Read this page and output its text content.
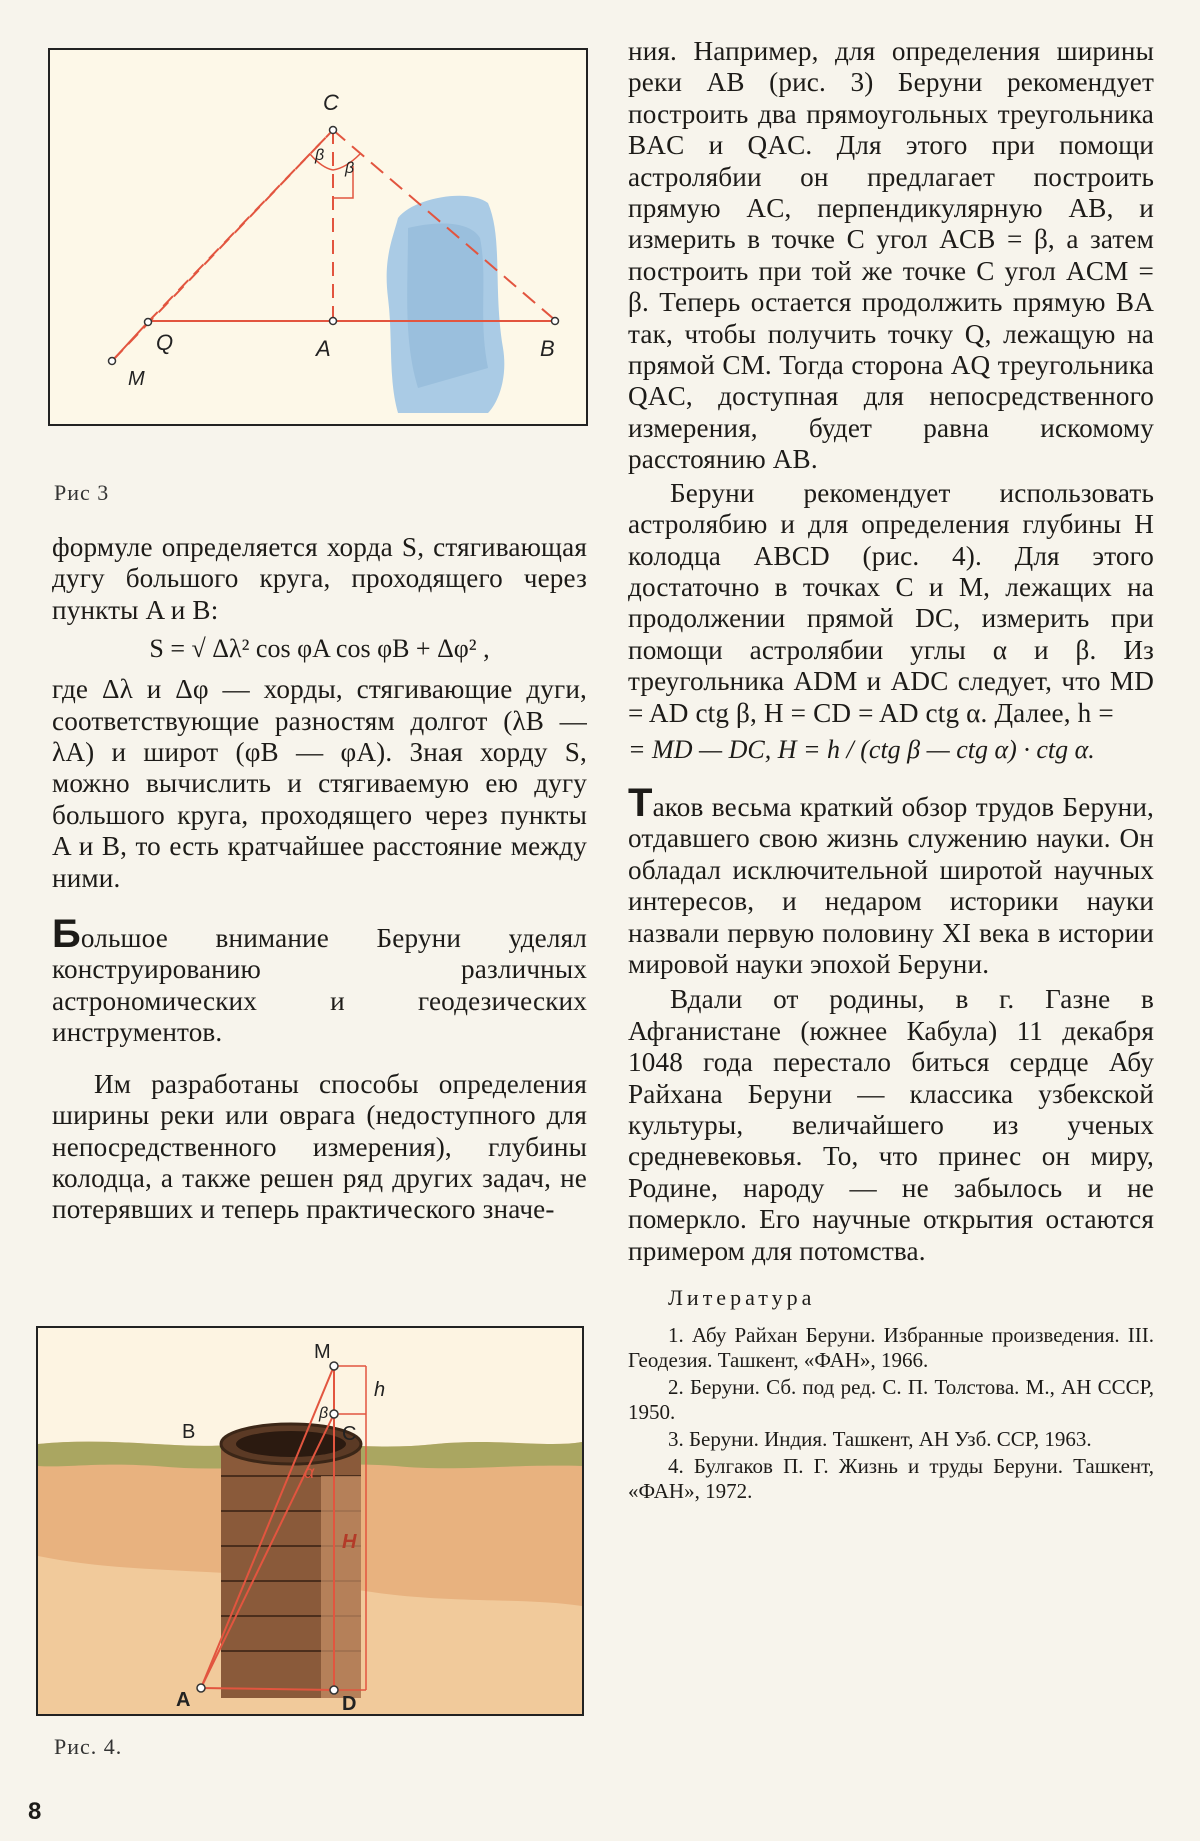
C
β
β
Q	A	B
M
Рис 3

формуле определяется хорда S, стягивающая дугу большого круга, проходящего через пункты A и B:

S = √ Δλ² cos φA cos φB + Δφ² ,

где Δλ и Δφ — хорды, стягивающие дуги, соответствующие разностям долгот (λB — λA) и широт (φB — φA). Зная хорду S, можно вычислить и стягиваемую ею дугу большого круга, проходящего через пункты A и B, то есть кратчайшее расстояние между ними.

Большое внимание Беруни уделял конструированию различных астрономических и геодезических инструментов.

Им разработаны способы определения ширины реки или оврага (недоступного для непосредственного измерения), глубины колодца, а также решен ряд других задач, не потерявших и теперь практического значе-

M
h
β
C
B
α
H
A	D
Рис. 4.

ния. Например, для определения ширины реки AB (рис. 3) Беруни рекомендует построить два прямоугольных треугольника BAC и QAC. Для этого при помощи астролябии он предлагает построить прямую AC, перпендикулярную AB, и измерить в точке C угол ACB = β, а затем построить при той же точке C угол ACM = β. Теперь остается продолжить прямую BA так, чтобы получить точку Q, лежащую на прямой CM. Тогда сторона AQ треугольника QAC, доступная для непосредственного измерения, будет равна искомому расстоянию AB.

Беруни рекомендует использовать астролябию и для определения глубины H колодца ABCD (рис. 4). Для этого достаточно в точках C и M, лежащих на продолжении прямой DC, измерить при помощи астролябии углы α и β. Из треугольника ADM и ADC следует, что MD = AD ctg β, H = CD = AD ctg α. Далее, h =

= MD — DC, H = h / (ctg β — ctg α) · ctg α.

Таков весьма краткий обзор трудов Беруни, отдавшего свою жизнь служению науки. Он обладал исключительной широтой научных интересов, и недаром историки науки назвали первую половину XI века в истории мировой науки эпохой Беруни.

Вдали от родины, в г. Газне в Афганистане (южнее Кабула) 11 декабря 1048 года перестало биться сердце Абу Райхана Беруни — классика узбекской культуры, величайшего из ученых средневековья. То, что принес он миру, Родине, народу — не забылось и не померкло. Его научные открытия остаются примером для потомства.

Литература

1. Абу Райхан Беруни. Избранные произведения. III. Геодезия. Ташкент, «ФАН», 1966.

2. Беруни. Сб. под ред. С. П. Толстова. М., АН СССР, 1950.

3. Беруни. Индия. Ташкент, АН Узб. ССР, 1963.

4. Булгаков П. Г. Жизнь и труды Беруни. Ташкент, «ФАН», 1972.

8
